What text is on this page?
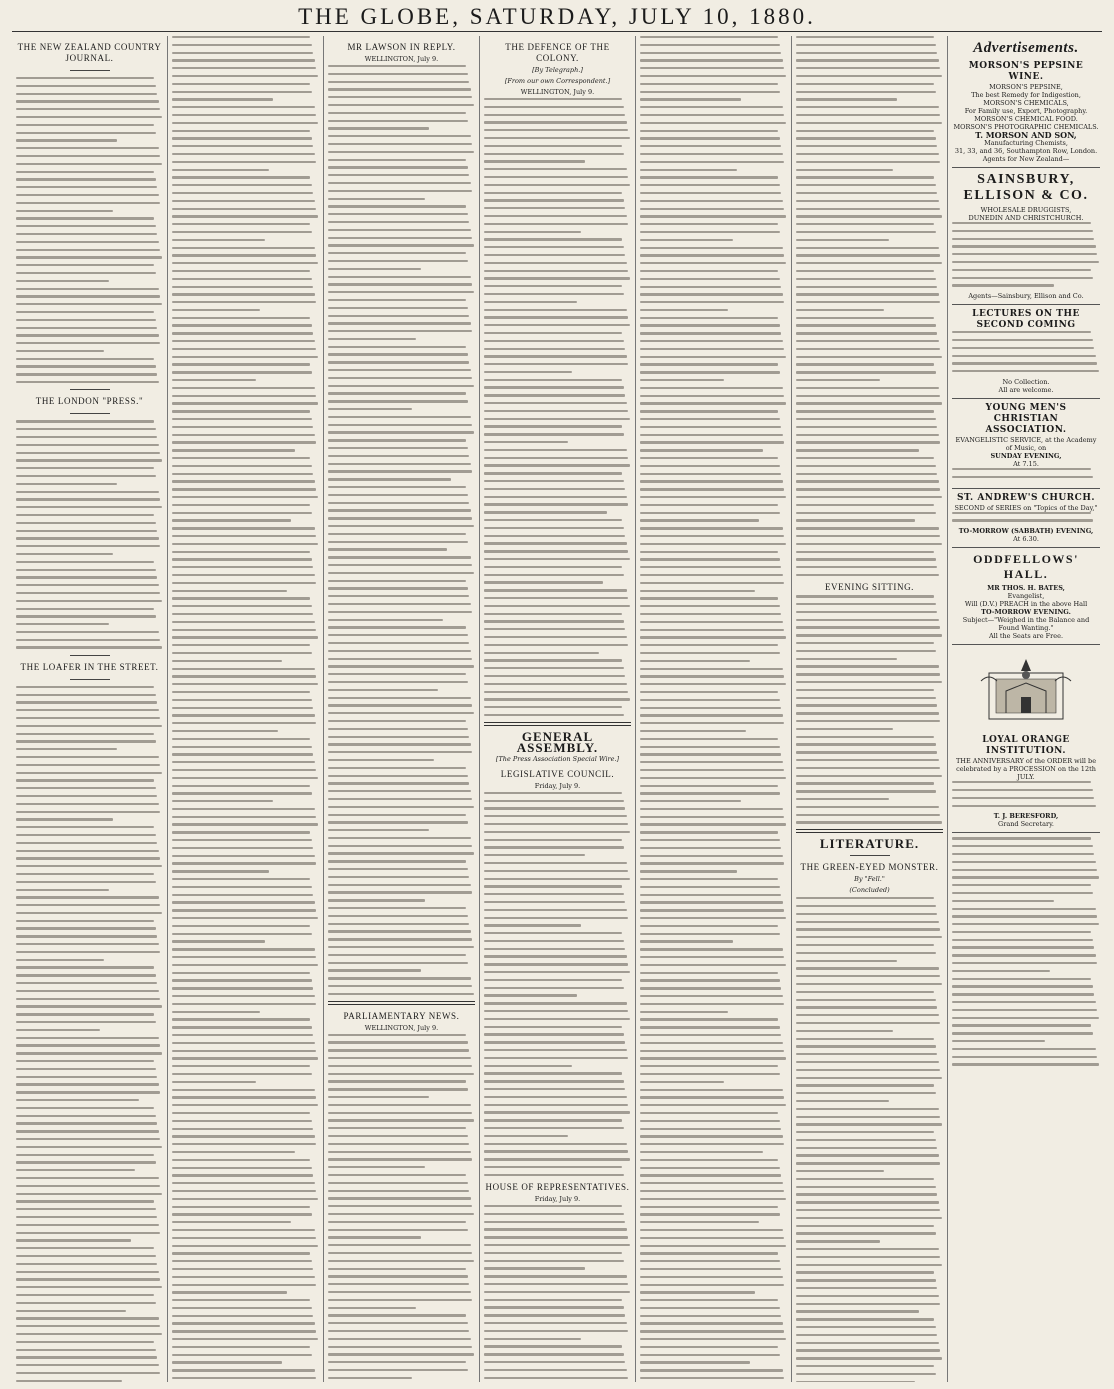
THE GLOBE, SATURDAY, JULY 10, 1880.
THE NEW ZEALAND COUNTRY JOURNAL.
THE LONDON "PRESS."
THE LOAFER IN THE STREET.
MR LAWSON IN REPLY.
WELLINGTON, July 9.
PARLIAMENTARY NEWS.
WELLINGTON, July 9.
THE DEFENCE OF THE COLONY.
[By Telegraph.]
[From our own Correspondent.]
WELLINGTON, July 9.
GENERAL ASSEMBLY.
[The Press Association Special Wire.]
LEGISLATIVE COUNCIL.
Friday, July 9.
HOUSE OF REPRESENTATIVES.
Friday, July 9.
EVENING SITTING.
LITERATURE.
THE GREEN-EYED MONSTER.
By "Fell."
(Concluded)
Advertisements.
MORSON'S PEPSINE WINE.
MORSON'S PEPSINE,
The best Remedy for Indigestion,
MORSON'S CHEMICALS,
For Family use, Export, Photography.
MORSON'S CHEMICAL FOOD.
MORSON'S PHOTOGRAPHIC CHEMICALS.
T. MORSON AND SON,
Manufacturing Chemists,
31, 33, and 36, Southampton Row, London.
Agents for New Zealand—
SAINSBURY, ELLISON & CO.
WHOLESALE DRUGGISTS,
DUNEDIN AND CHRISTCHURCH.
Agents—Sainsbury, Ellison and Co.
LECTURES ON THE SECOND COMING
No Collection.
All are welcome.
YOUNG MEN'S CHRISTIAN ASSOCIATION.
EVANGELISTIC SERVICE, at the Academy of Music, on
SUNDAY EVENING,
At 7.15.
ST. ANDREW'S CHURCH.
SECOND of SERIES on "Topics of the Day,"
TO-MORROW (SABBATH) EVENING,
At 6.30.
ODDFELLOWS' HALL.
MR THOS. H. BATES,
Evangelist,
Will (D.V.) PREACH in the above Hall
TO-MORROW EVENING.
Subject—"Weighed in the Balance and Found Wanting."
All the Seats are Free.
LOYAL ORANGE INSTITUTION.
THE ANNIVERSARY of the ORDER will be celebrated by a PROCESSION on the 12th JULY.
T. J. BERESFORD,
Grand Secretary.
